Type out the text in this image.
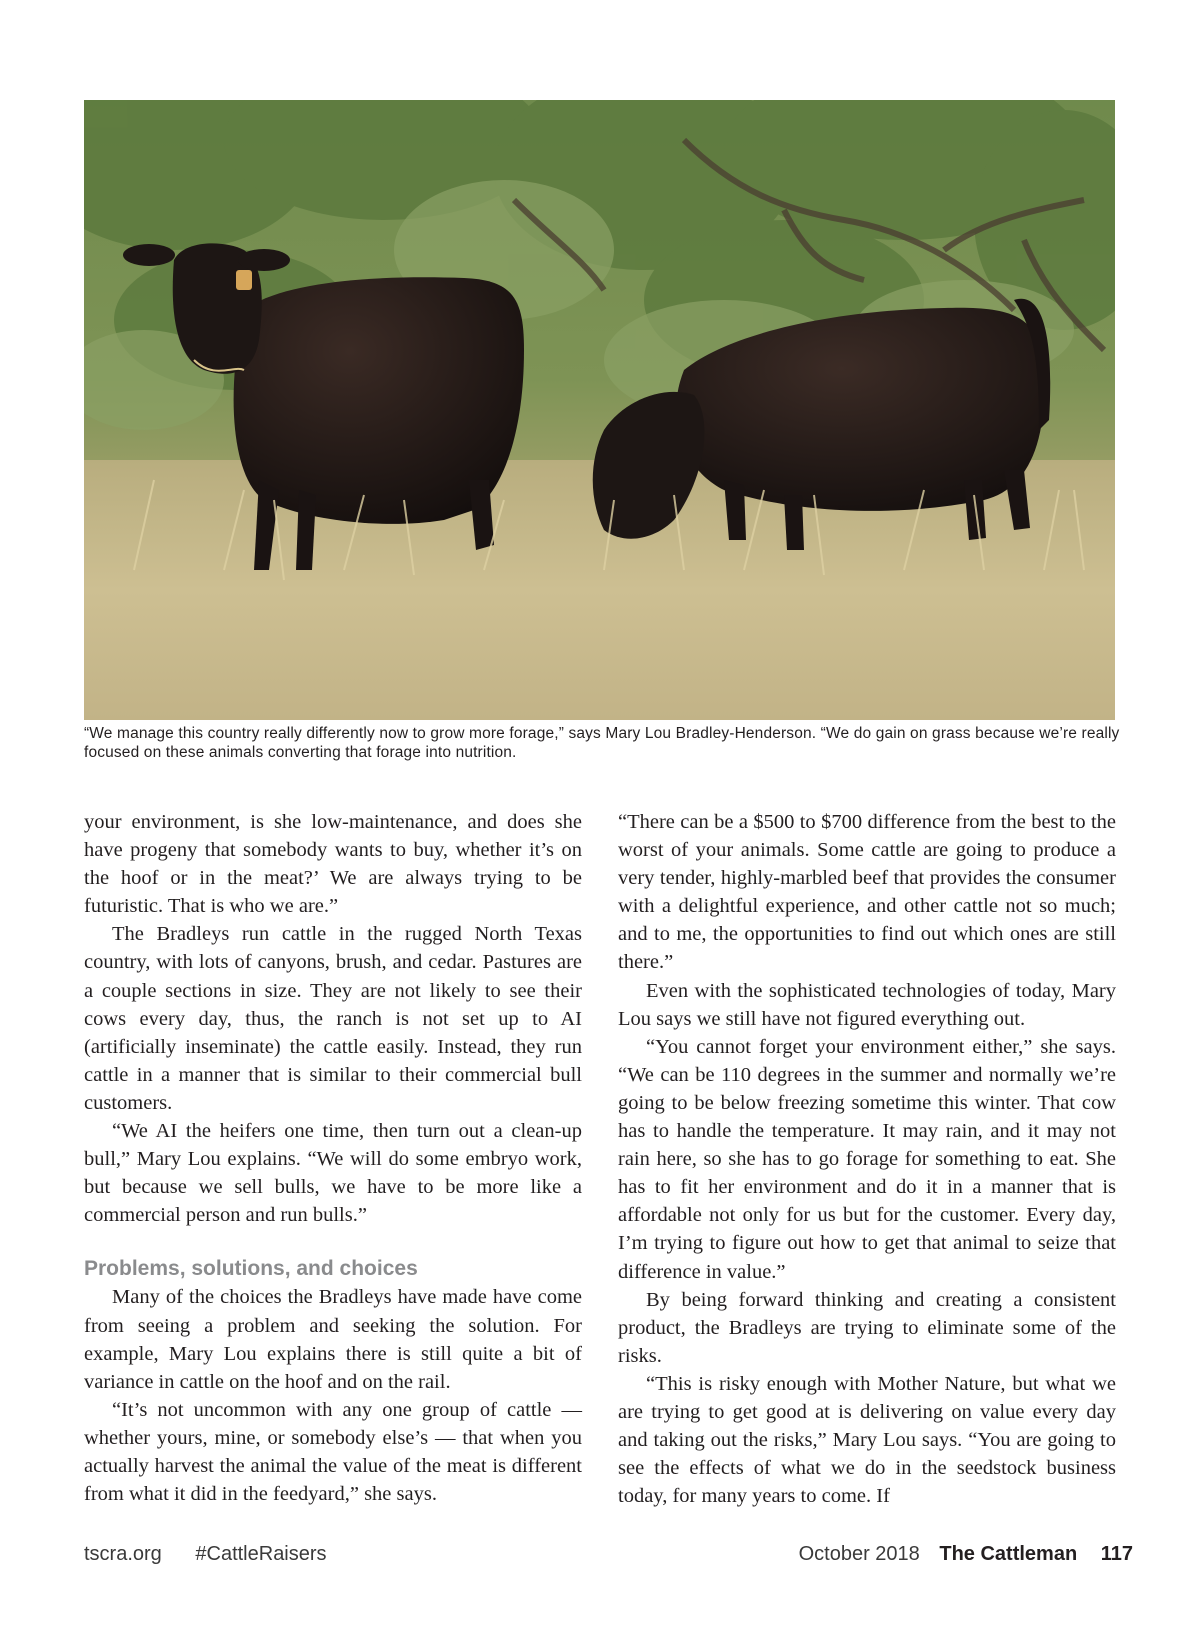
“We manage this country really differently now to grow more forage,” says Mary Lou Bradley-Henderson. “We do gain on grass because we’re really focused on these animals converting that forage into nutrition.

your environment, is she low-maintenance, and does she have progeny that somebody wants to buy, whether it’s on the hoof or in the meat?’ We are always trying to be futuristic. That is who we are.”

The Bradleys run cattle in the rugged North Texas country, with lots of canyons, brush, and cedar. Pastures are a couple sections in size. They are not likely to see their cows every day, thus, the ranch is not set up to AI (artificially inseminate) the cattle easily. Instead, they run cattle in a manner that is similar to their commercial bull customers.

“We AI the heifers one time, then turn out a clean-up bull,” Mary Lou explains. “We will do some embryo work, but because we sell bulls, we have to be more like a commercial person and run bulls.”

Problems, solutions, and choices

Many of the choices the Bradleys have made have come from seeing a problem and seeking the solution. For example, Mary Lou explains there is still quite a bit of variance in cattle on the hoof and on the rail.

“It’s not uncommon with any one group of cattle — whether yours, mine, or somebody else’s — that when you actually harvest the animal the value of the meat is different from what it did in the feedyard,” she says.

“There can be a $500 to $700 difference from the best to the worst of your animals. Some cattle are going to produce a very tender, highly-marbled beef that provides the consumer with a delightful experience, and other cattle not so much; and to me, the opportunities to find out which ones are still there.”

Even with the sophisticated technologies of today, Mary Lou says we still have not figured everything out.

“You cannot forget your environment either,” she says. “We can be 110 degrees in the summer and normally we’re going to be below freezing sometime this winter. That cow has to handle the temperature. It may rain, and it may not rain here, so she has to go forage for something to eat. She has to fit her environment and do it in a manner that is affordable not only for us but for the customer. Every day, I’m trying to figure out how to get that animal to seize that difference in value.”

By being forward thinking and creating a consistent product, the Bradleys are trying to eliminate some of the risks.

“This is risky enough with Mother Nature, but what we are trying to get good at is delivering on value every day and taking out the risks,” Mary Lou says. “You are going to see the effects of what we do in the seedstock business today, for many years to come. If

tscra.org #CattleRaisers	October 2018 The Cattleman 117
